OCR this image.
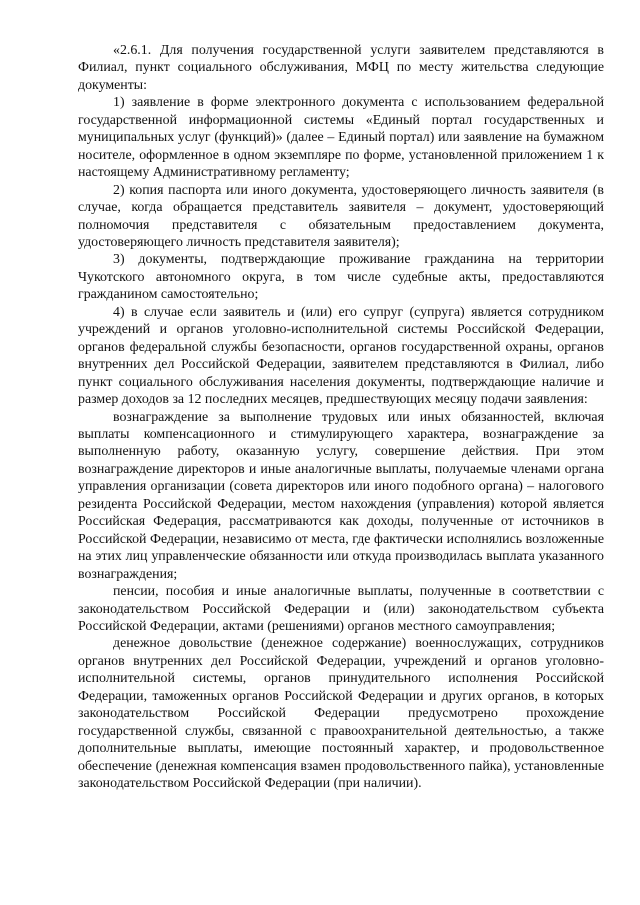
«2.6.1. Для получения государственной услуги заявителем представляются в Филиал, пункт социального обслуживания, МФЦ по месту жительства следующие документы:

1) заявление в форме электронного документа с использованием федеральной государственной информационной системы «Единый портал государственных и муниципальных услуг (функций)» (далее – Единый портал) или заявление на бумажном носителе, оформленное в одном экземпляре по форме, установленной приложением 1 к настоящему Административному регламенту;

2) копия паспорта или иного документа, удостоверяющего личность заявителя (в случае, когда обращается представитель заявителя – документ, удостоверяющий полномочия представителя с обязательным предоставлением документа, удостоверяющего личность представителя заявителя);

3) документы, подтверждающие проживание гражданина на территории Чукотского автономного округа, в том числе судебные акты, предоставляются гражданином самостоятельно;

4) в случае если заявитель и (или) его супруг (супруга) является сотрудником учреждений и органов уголовно-исполнительной системы Российской Федерации, органов федеральной службы безопасности, органов государственной охраны, органов внутренних дел Российской Федерации, заявителем представляются в Филиал, либо пункт социального обслуживания населения документы, подтверждающие наличие и размер доходов за 12 последних месяцев, предшествующих месяцу подачи заявления:

вознаграждение за выполнение трудовых или иных обязанностей, включая выплаты компенсационного и стимулирующего характера, вознаграждение за выполненную работу, оказанную услугу, совершение действия. При этом вознаграждение директоров и иные аналогичные выплаты, получаемые членами органа управления организации (совета директоров или иного подобного органа) – налогового резидента Российской Федерации, местом нахождения (управления) которой является Российская Федерация, рассматриваются как доходы, полученные от источников в Российской Федерации, независимо от места, где фактически исполнялись возложенные на этих лиц управленческие обязанности или откуда производилась выплата указанного вознаграждения;

пенсии, пособия и иные аналогичные выплаты, полученные в соответствии с законодательством Российской Федерации и (или) законодательством субъекта Российской Федерации, актами (решениями) органов местного самоуправления;

денежное довольствие (денежное содержание) военнослужащих, сотрудников органов внутренних дел Российской Федерации, учреждений и органов уголовно-исполнительной системы, органов принудительного исполнения Российской Федерации, таможенных органов Российской Федерации и других органов, в которых законодательством Российской Федерации предусмотрено прохождение государственной службы, связанной с правоохранительной деятельностью, а также дополнительные выплаты, имеющие постоянный характер, и продовольственное обеспечение (денежная компенсация взамен продовольственного пайка), установленные законодательством Российской Федерации (при наличии).
